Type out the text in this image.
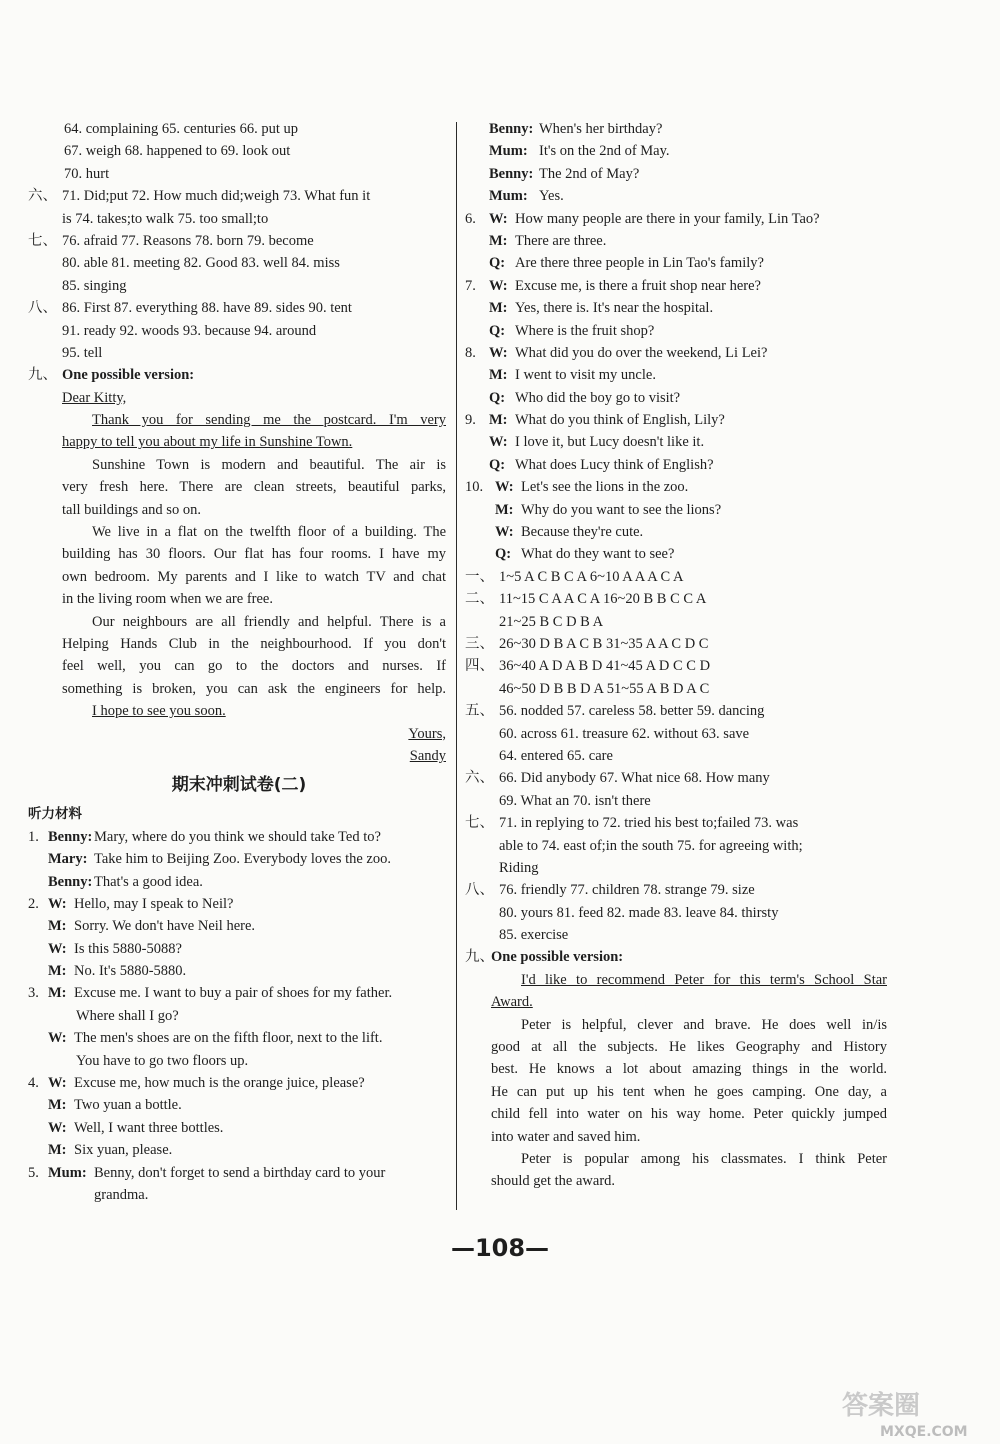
64. complaining 65. centuries 66. put up
67. weigh 68. happened to 69. look out
70. hurt
六、 71. Did;put 72. How much did;weigh 73. What fun it
is 74. takes;to walk 75. too small;to
七、 76. afraid 77. Reasons 78. born 79. become
80. able 81. meeting 82. Good 83. well 84. miss
85. singing
八、 86. First 87. everything 88. have 89. sides 90. tent
91. ready 92. woods 93. because 94. around
95. tell
九、 One possible version:
Dear Kitty,
Thank you for sending me the postcard. I'm very
happy to tell you about my life in Sunshine Town.
Sunshine Town is modern and beautiful. The air is
very fresh here. There are clean streets, beautiful parks,
tall buildings and so on.
We live in a flat on the twelfth floor of a building. The
building has 30 floors. Our flat has four rooms. I have my
own bedroom. My parents and I like to watch TV and chat
in the living room when we are free.
Our neighbours are all friendly and helpful. There is a
Helping Hands Club in the neighbourhood. If you don't
feel well, you can go to the doctors and nurses. If
something is broken, you can ask the engineers for help.
I hope to see you soon.
Yours,
Sandy
期末冲刺试卷(二)
听力材料
1. Benny: Mary, where do you think we should take Ted to?
Mary: Take him to Beijing Zoo. Everybody loves the zoo.
Benny: That's a good idea.
2. W: Hello, may I speak to Neil?
M: Sorry. We don't have Neil here.
W: Is this 5880-5088?
M: No. It's 5880-5880.
3. M: Excuse me. I want to buy a pair of shoes for my father.
Where shall I go?
W: The men's shoes are on the fifth floor, next to the lift.
You have to go two floors up.
4. W: Excuse me, how much is the orange juice, please?
M: Two yuan a bottle.
W: Well, I want three bottles.
M: Six yuan, please.
5. Mum: Benny, don't forget to send a birthday card to your
grandma.
Benny: When's her birthday?
Mum: It's on the 2nd of May.
Benny: The 2nd of May?
Mum: Yes.
6. W: How many people are there in your family, Lin Tao?
M: There are three.
Q: Are there three people in Lin Tao's family?
7. W: Excuse me, is there a fruit shop near here?
M: Yes, there is. It's near the hospital.
Q: Where is the fruit shop?
8. W: What did you do over the weekend, Li Lei?
M: I went to visit my uncle.
Q: Who did the boy go to visit?
9. M: What do you think of English, Lily?
W: I love it, but Lucy doesn't like it.
Q: What does Lucy think of English?
10. W: Let's see the lions in the zoo.
M: Why do you want to see the lions?
W: Because they're cute.
Q: What do they want to see?
一、 1~5 A C B C A 6~10 A A A C A
二、 11~15 C A A C A 16~20 B B C C A
21~25 B C D B A
三、 26~30 D B A C B 31~35 A A C D C
四、 36~40 A D A B D 41~45 A D C C D
46~50 D B B D A 51~55 A B D A C
五、 56. nodded 57. careless 58. better 59. dancing
60. across 61. treasure 62. without 63. save
64. entered 65. care
六、 66. Did anybody 67. What nice 68. How many
69. What an 70. isn't there
七、 71. in replying to 72. tried his best to;failed 73. was
able to 74. east of;in the south 75. for agreeing with;
Riding
八、 76. friendly 77. children 78. strange 79. size
80. yours 81. feed 82. made 83. leave 84. thirsty
85. exercise
九、
One possible version:
I'd like to recommend Peter for this term's School Star
Award.
Peter is helpful, clever and brave. He does well in/is
good at all the subjects. He likes Geography and History
best. He knows a lot about amazing things in the world.
He can put up his tent when he goes camping. One day, a
child fell into water on his way home. Peter quickly jumped
into water and saved him.
Peter is popular among his classmates. I think Peter
should get the award.
—108—
答案圈
MXQE.COM
